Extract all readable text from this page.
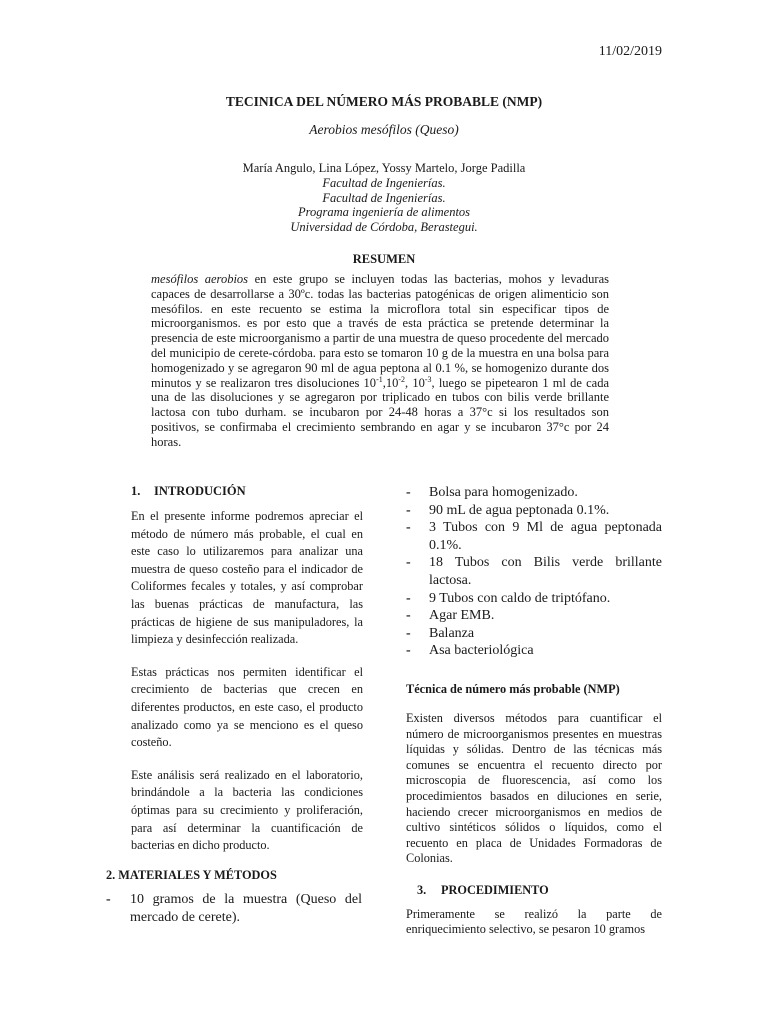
11/02/2019
TECINICA DEL NÚMERO MÁS PROBABLE (NMP)
Aerobios mesófilos (Queso)
María Angulo, Lina López, Yossy Martelo, Jorge Padilla
Facultad de Ingenierías.
Facultad de Ingenierías.
Programa ingeniería de alimentos
Universidad de Córdoba, Berastegui.
RESUMEN
mesófilos aerobios en este grupo se incluyen todas las bacterias, mohos y levaduras capaces de desarrollarse a 30ºc. todas las bacterias patogénicas de origen alimenticio son mesófilos. en este recuento se estima la microflora total sin especificar tipos de microorganismos. es por esto que a través de esta práctica se pretende determinar la presencia de este microorganismo a partir de una muestra de queso procedente del mercado del municipio de cerete-córdoba. para esto se tomaron 10 g de la muestra en una bolsa para homogenizado y se agregaron 90 ml de agua peptona al 0.1 %, se homogenizo durante dos minutos y se realizaron tres disoluciones $10^{-1},10^{-2}$, $10^{-3}$, luego se pipetearon 1 ml de cada una de las disoluciones y se agregaron por triplicado en tubos con bilis verde brillante lactosa con tubo durham. se incubaron por 24-48 horas a 37°c si los resultados son positivos, se confirmaba el crecimiento sembrando en agar y se incubaron 37°c por 24 horas.
1. INTRODUCIÓN

En el presente informe podremos apreciar el método de número más probable, el cual en este caso lo utilizaremos para analizar una muestra de queso costeño para el indicador de Coliformes fecales y totales, y así comprobar las buenas prácticas de manufactura, las prácticas de higiene de sus manipuladores, la limpieza y desinfección realizada.

Estas prácticas nos permiten identificar el crecimiento de bacterias que crecen en diferentes productos, en este caso, el producto analizado como ya se menciono es el queso costeño.

Este análisis será realizado en el laboratorio, brindándole a la bacteria las condiciones óptimas para su crecimiento y proliferación, para así determinar la cuantificación de bacterias en dicho producto.

2. MATERIALES Y MÉTODOS
- 10 gramos de la muestra (Queso del mercado de cerete).
- Bolsa para homogenizado.
- 90 mL de agua peptonada 0.1%.
- 3 Tubos con 9 Ml de agua peptonada 0.1%.
- 18 Tubos con Bilis verde brillante lactosa.
- 9 Tubos con caldo de triptófano.
- Agar EMB.
- Balanza
- Asa bacteriológica
Técnica de número más probable (NMP)

Existen diversos métodos para cuantificar el número de microorganismos presentes en muestras líquidas y sólidas. Dentro de las técnicas más comunes se encuentra el recuento directo por microscopia de fluorescencia, así como los procedimientos basados en diluciones en serie, haciendo crecer microorganismos en medios de cultivo sintéticos sólidos o líquidos, como el recuento en placa de Unidades Formadoras de Colonias.

3. PROCEDIMIENTO

Primeramente se realizó la parte de enriquecimiento selectivo, se pesaron 10 gramos
